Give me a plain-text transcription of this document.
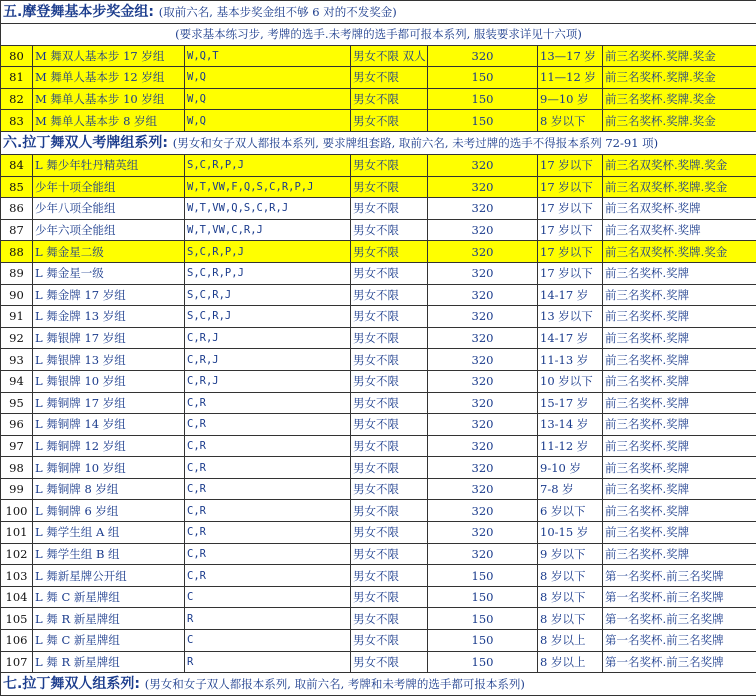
五.摩登舞基本步奖金组: (取前六名, 基本步奖金组不够 6 对的不发奖金)						
(要求基本练习步, 考牌的选手.未考牌的选手都可报本系列, 服装要求详见十六项)						
80	M 舞双人基本步 17 岁组	W,Q,T	男女不限 双人	320	13—17 岁	前三名奖杯.奖牌.奖金
81	M 舞单人基本步 12 岁组	W,Q	男女不限	150	11—12 岁	前三名奖杯.奖牌.奖金
82	M 舞单人基本步 10 岁组	W,Q	男女不限	150	9—10 岁	前三名奖杯.奖牌.奖金
83	M 舞单人基本步 8 岁组	W,Q	男女不限	150	8 岁以下	前三名奖杯.奖牌.奖金
六.拉丁舞双人考牌组系列: (男女和女子双人都报本系列, 要求牌组套路, 取前六名, 未考过牌的选手不得报本系列 72-91 项)						
84	L 舞少年牡丹精英组	S,C,R,P,J	男女不限	320	17 岁以下	前三名双奖杯.奖牌.奖金
85	少年十项全能组	W,T,VW,F,Q,S,C,R,P,J	男女不限	320	17 岁以下	前三名双奖杯.奖牌.奖金
86	少年八项全能组	W,T,VW,Q,S,C,R,J	男女不限	320	17 岁以下	前三名双奖杯.奖牌
87	少年六项全能组	W,T,VW,C,R,J	男女不限	320	17 岁以下	前三名双奖杯.奖牌
88	L 舞金星二级	S,C,R,P,J	男女不限	320	17 岁以下	前三名双奖杯.奖牌.奖金
89	L 舞金星一级	S,C,R,P,J	男女不限	320	17 岁以下	前三名奖杯.奖牌
90	L 舞金牌 17 岁组	S,C,R,J	男女不限	320	14-17 岁	前三名奖杯.奖牌
91	L 舞金牌 13 岁组	S,C,R,J	男女不限	320	13 岁以下	前三名奖杯.奖牌
92	L 舞银牌 17 岁组	C,R,J	男女不限	320	14-17 岁	前三名奖杯.奖牌
93	L 舞银牌 13 岁组	C,R,J	男女不限	320	11-13 岁	前三名奖杯.奖牌
94	L 舞银牌 10 岁组	C,R,J	男女不限	320	10 岁以下	前三名奖杯.奖牌
95	L 舞铜牌 17 岁组	C,R	男女不限	320	15-17 岁	前三名奖杯.奖牌
96	L 舞铜牌 14 岁组	C,R	男女不限	320	13-14 岁	前三名奖杯.奖牌
97	L 舞铜牌 12 岁组	C,R	男女不限	320	11-12 岁	前三名奖杯.奖牌
98	L 舞铜牌 10 岁组	C,R	男女不限	320	9-10 岁	前三名奖杯.奖牌
99	L 舞铜牌 8 岁组	C,R	男女不限	320	7-8 岁	前三名奖杯.奖牌
100	L 舞铜牌 6 岁组	C,R	男女不限	320	6 岁以下	前三名奖杯.奖牌
101	L 舞学生组 A 组	C,R	男女不限	320	10-15 岁	前三名奖杯.奖牌
102	L 舞学生组 B 组	C,R	男女不限	320	9 岁以下	前三名奖杯.奖牌
103	L 舞新星牌公开组	C,R	男女不限	150	8 岁以下	第一名奖杯.前三名奖牌
104	L 舞 C 新星牌组	C	男女不限	150	8 岁以下	第一名奖杯.前三名奖牌
105	L 舞 R 新星牌组	R	男女不限	150	8 岁以下	第一名奖杯.前三名奖牌
106	L 舞 C 新星牌组	C	男女不限	150	8 岁以上	第一名奖杯.前三名奖牌
107	L 舞 R 新星牌组	R	男女不限	150	8 岁以上	第一名奖杯.前三名奖牌
七.拉丁舞双人组系列: (男女和女子双人都报本系列, 取前六名, 考牌和未考牌的选手都可报本系列)						
